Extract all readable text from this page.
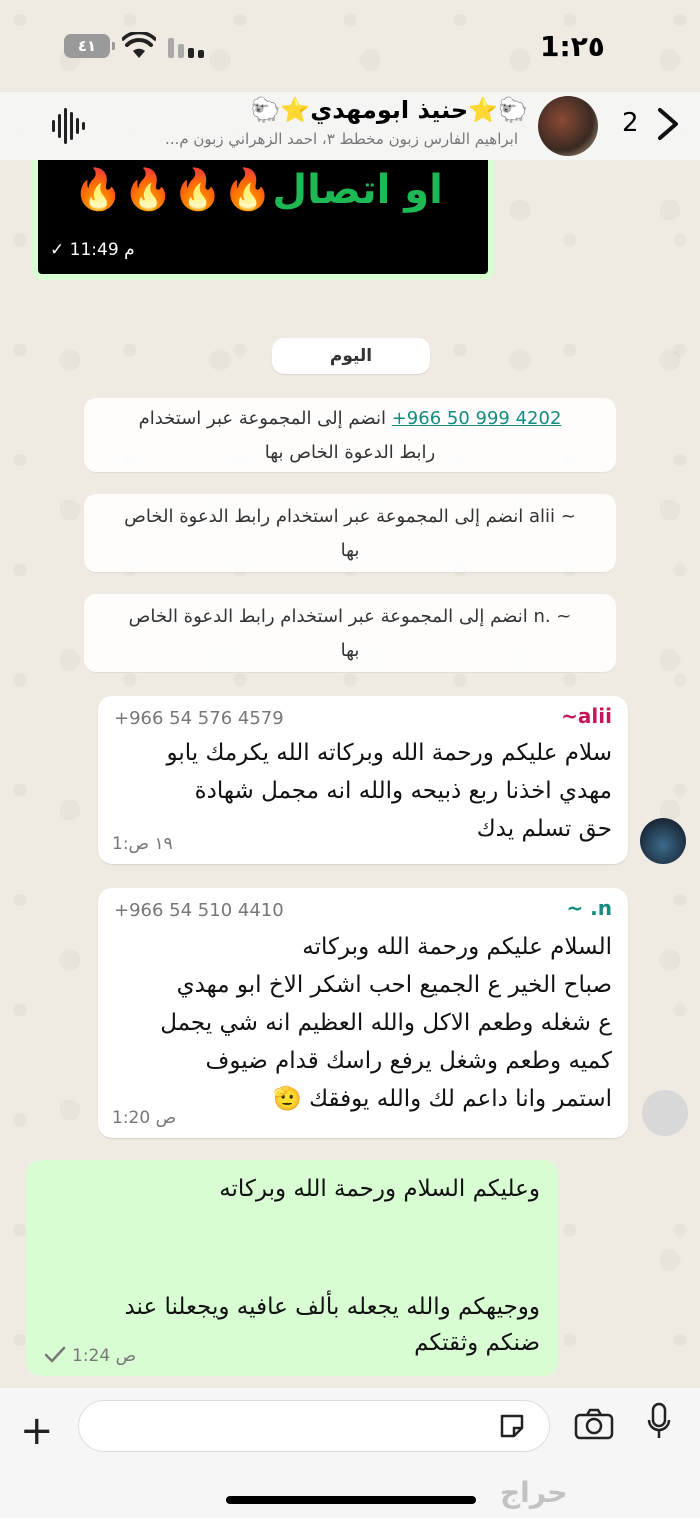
٤١	1:٢٥
🐑⭐حنيذ ابومهدي⭐🐑
ابراهيم الفارس زبون مخطط ٣، احمد الزهراني زبون م...
2
او اتصال🔥🔥🔥🔥
✓ 11:49 م
اليوم
+966 50 999 4202 انضم إلى المجموعة عبر استخدام
رابط الدعوة الخاص بها
~ alii انضم إلى المجموعة عبر استخدام رابط الدعوة الخاص
بها
~ .n انضم إلى المجموعة عبر استخدام رابط الدعوة الخاص
بها
~alii
+966 54 576 4579
سلام عليكم ورحمة الله وبركاته الله يكرمك يابو
مهدي اخذنا ربع ذبيحه والله انه مجمل شهادة
حق تسلم يدك
1:١٩ ص
~ .n
+966 54 510 4410
السلام عليكم ورحمة الله وبركاته
صباح الخير ع الجميع احب اشكر الاخ ابو مهدي
ع شغله وطعم الاكل والله العظيم انه شي يجمل
كميه وطعم وشغل يرفع راسك قدام ضيوف
استمر وانا داعم لك والله يوفقك 🫡
1:20 ص
وعليكم السلام ورحمة الله وبركاته
ووجيهكم والله يجعله بألف عافيه ويجعلنا عند
ضنكم وثقتكم
1:24 ص
+
حراج
